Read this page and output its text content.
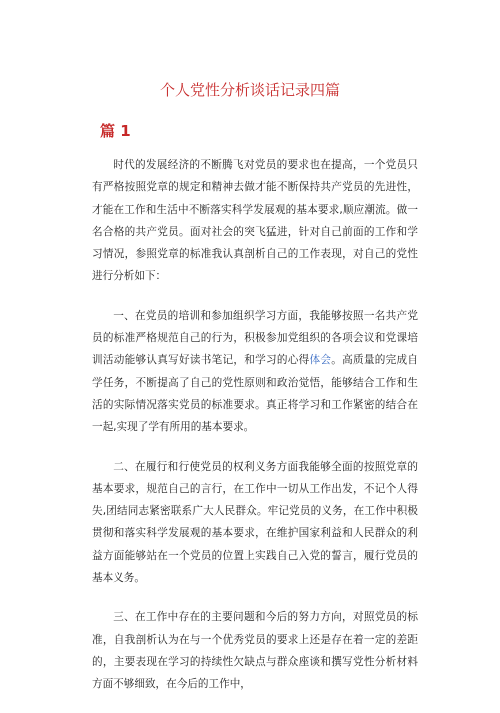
个人党性分析谈话记录四篇
篇 1

时代的发展经济的不断腾飞对党员的要求也在提高，一个党员只有严格按照党章的规定和精神去做才能不断保持共产党员的先进性，才能在工作和生活中不断落实科学发展观的基本要求,顺应潮流。做一名合格的共产党员。面对社会的突飞猛进，针对自己前面的工作和学习情况，参照党章的标准我认真剖析自己的工作表现，对自己的党性进行分析如下：

一、在党员的培训和参加组织学习方面，我能够按照一名共产党员的标准严格规范自己的行为，积极参加党组织的各项会议和党课培训活动能够认真写好读书笔记，和学习的心得体会。高质量的完成自学任务，不断提高了自己的党性原则和政治觉悟，能够结合工作和生活的实际情况落实党员的标准要求。真正将学习和工作紧密的结合在一起,实现了学有所用的基本要求。

二、在履行和行使党员的权利义务方面我能够全面的按照党章的基本要求，规范自己的言行，在工作中一切从工作出发，不记个人得失,团结同志紧密联系广大人民群众。牢记党员的义务，在工作中积极贯彻和落实科学发展观的基本要求，在维护国家利益和人民群众的利益方面能够站在一个党员的位置上实践自己入党的誓言，履行党员的基本义务。

三、在工作中存在的主要问题和今后的努力方向，对照党员的标准，自我剖析认为在与一个优秀党员的要求上还是存在着一定的差距的，主要表现在学习的持续性欠缺点与群众座谈和撰写党性分析材料方面不够细致，在今后的工作中，
